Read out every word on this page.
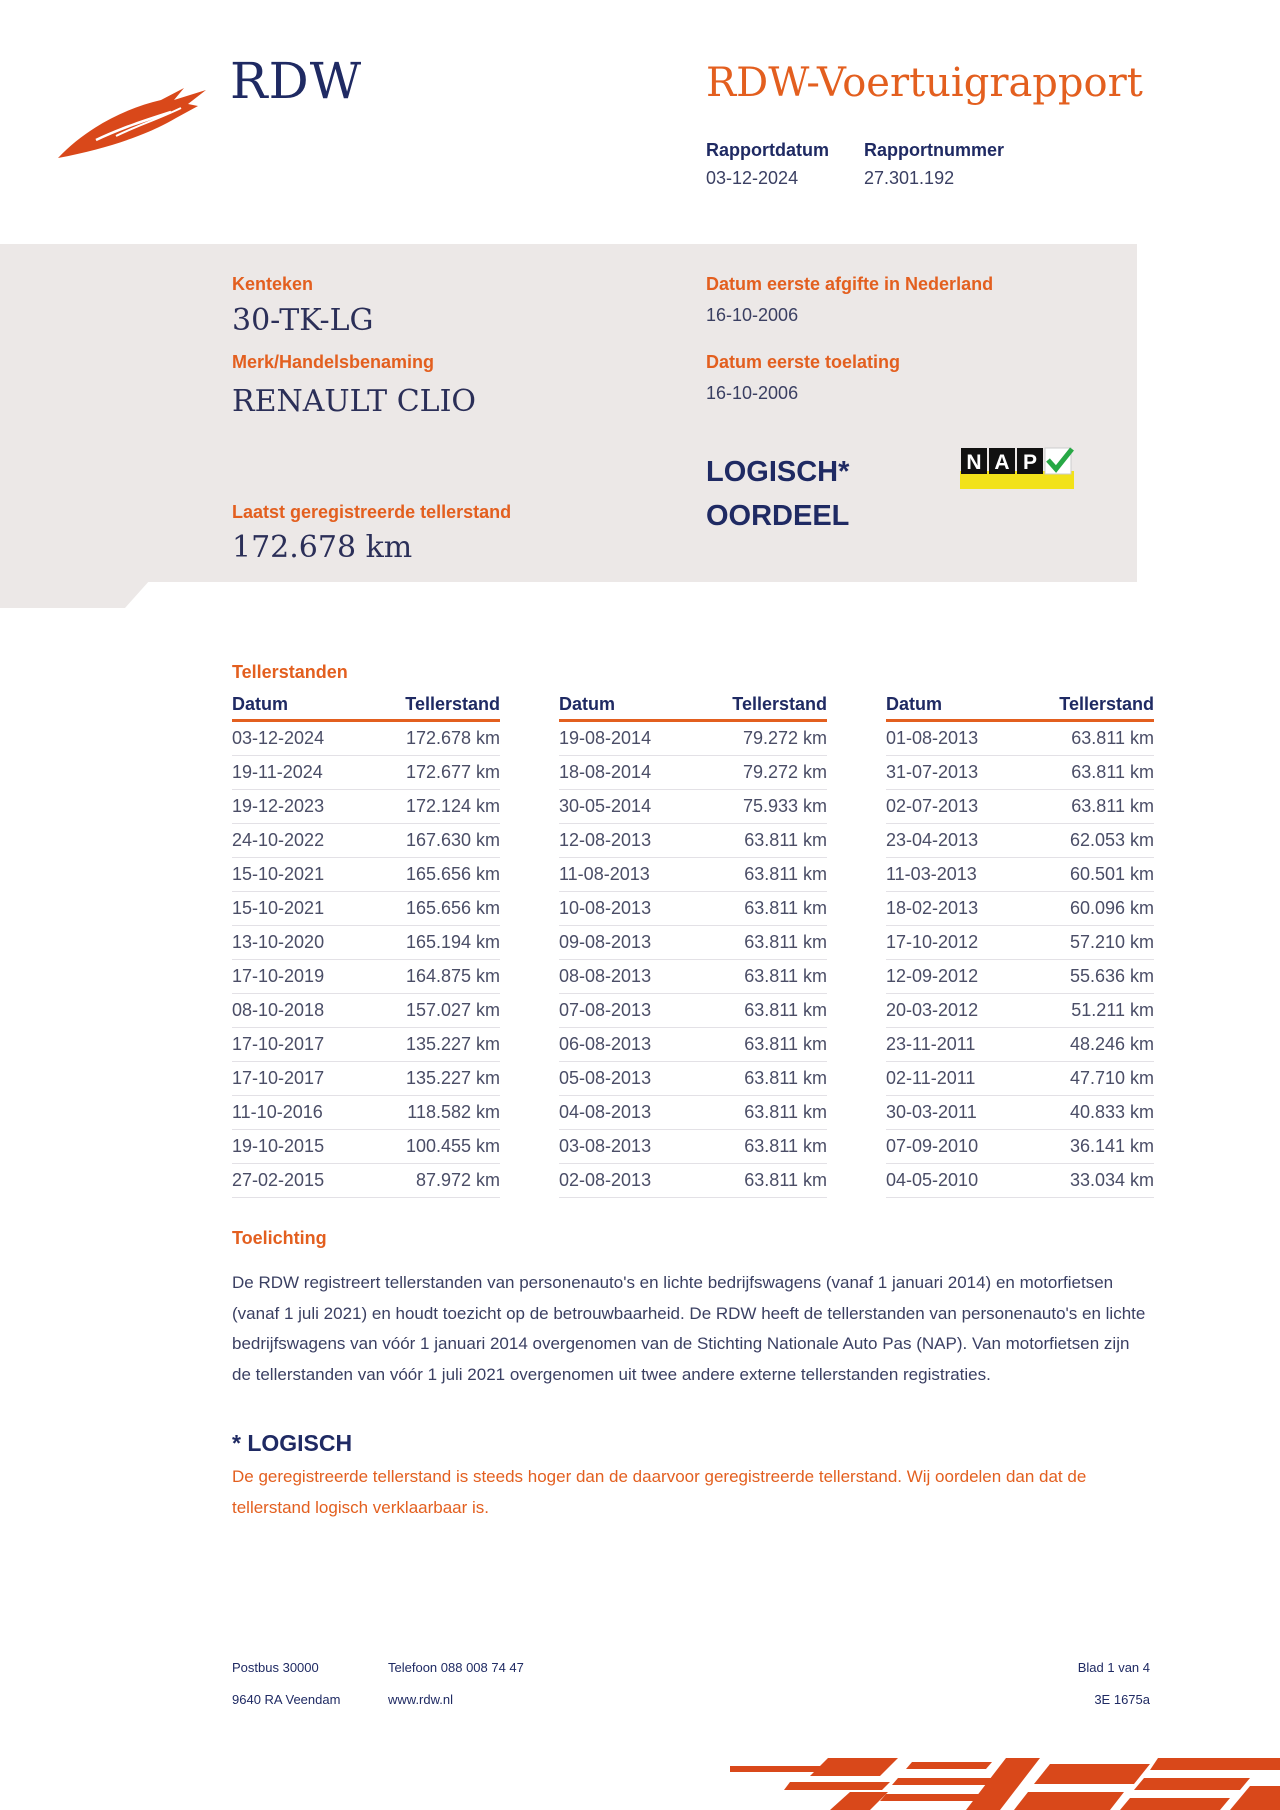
RDW	RDW-Voertuigrapport
Rapportdatum
03-12-2024
Rapportnummer
27.301.192
Kenteken
30-TK-LG
Merk/Handelsbenaming
RENAULT CLIO
Laatst geregistreerde tellerstand
172.678 km
Datum eerste afgifte in Nederland
16-10-2006
Datum eerste toelating
16-10-2006
LOGISCH*
OORDEEL
N A P
Tellerstanden
Datum	Tellerstand
03-12-2024	172.678 km
19-11-2024	172.677 km
19-12-2023	172.124 km
24-10-2022	167.630 km
15-10-2021	165.656 km
15-10-2021	165.656 km
13-10-2020	165.194 km
17-10-2019	164.875 km
08-10-2018	157.027 km
17-10-2017	135.227 km
17-10-2017	135.227 km
11-10-2016	118.582 km
19-10-2015	100.455 km
27-02-2015	87.972 km
Datum	Tellerstand
19-08-2014	79.272 km
18-08-2014	79.272 km
30-05-2014	75.933 km
12-08-2013	63.811 km
11-08-2013	63.811 km
10-08-2013	63.811 km
09-08-2013	63.811 km
08-08-2013	63.811 km
07-08-2013	63.811 km
06-08-2013	63.811 km
05-08-2013	63.811 km
04-08-2013	63.811 km
03-08-2013	63.811 km
02-08-2013	63.811 km
Datum	Tellerstand
01-08-2013	63.811 km
31-07-2013	63.811 km
02-07-2013	63.811 km
23-04-2013	62.053 km
11-03-2013	60.501 km
18-02-2013	60.096 km
17-10-2012	57.210 km
12-09-2012	55.636 km
20-03-2012	51.211 km
23-11-2011	48.246 km
02-11-2011	47.710 km
30-03-2011	40.833 km
07-09-2010	36.141 km
04-05-2010	33.034 km
Toelichting
De RDW registreert tellerstanden van personenauto's en lichte bedrijfswagens (vanaf 1 januari 2014) en motorfietsen (vanaf 1 juli 2021) en houdt toezicht op de betrouwbaarheid. De RDW heeft de tellerstanden van personenauto's en lichte bedrijfswagens van vóór 1 januari 2014 overgenomen van de Stichting Nationale Auto Pas (NAP). Van motorfietsen zijn de tellerstanden van vóór 1 juli 2021 overgenomen uit twee andere externe tellerstanden registraties.
* LOGISCH
De geregistreerde tellerstand is steeds hoger dan de daarvoor geregistreerde tellerstand. Wij oordelen dan dat de tellerstand logisch verklaarbaar is.
Postbus 30000
9640 RA Veendam
Telefoon 088 008 74 47
www.rdw.nl
Blad 1 van 4
3E 1675a
